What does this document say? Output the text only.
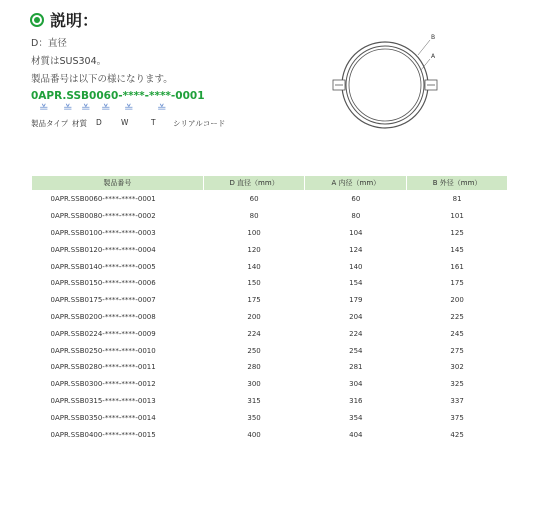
説明：
D：直径
材質はSUS304。
製品番号は以下の様になります。
0APR.SSB0060-****-****-0001
≚ ≚ ≚ ≚ ≚	≚
製品タイプ 材質 D	W	T シリアルコード
B
A
製品番号	D 直径（mm）	A 内径（mm）	B 外径（mm）
0APR.SSB0060-****-****-0001	60	60	81
0APR.SSB0080-****-****-0002	80	80	101
0APR.SSB0100-****-****-0003	100	104	125
0APR.SSB0120-****-****-0004	120	124	145
0APR.SSB0140-****-****-0005	140	140	161
0APR.SSB0150-****-****-0006	150	154	175
0APR.SSB0175-****-****-0007	175	179	200
0APR.SSB0200-****-****-0008	200	204	225
0APR.SSB0224-****-****-0009	224	224	245
0APR.SSB0250-****-****-0010	250	254	275
0APR.SSB0280-****-****-0011	280	281	302
0APR.SSB0300-****-****-0012	300	304	325
0APR.SSB0315-****-****-0013	315	316	337
0APR.SSB0350-****-****-0014	350	354	375
0APR.SSB0400-****-****-0015	400	404	425
